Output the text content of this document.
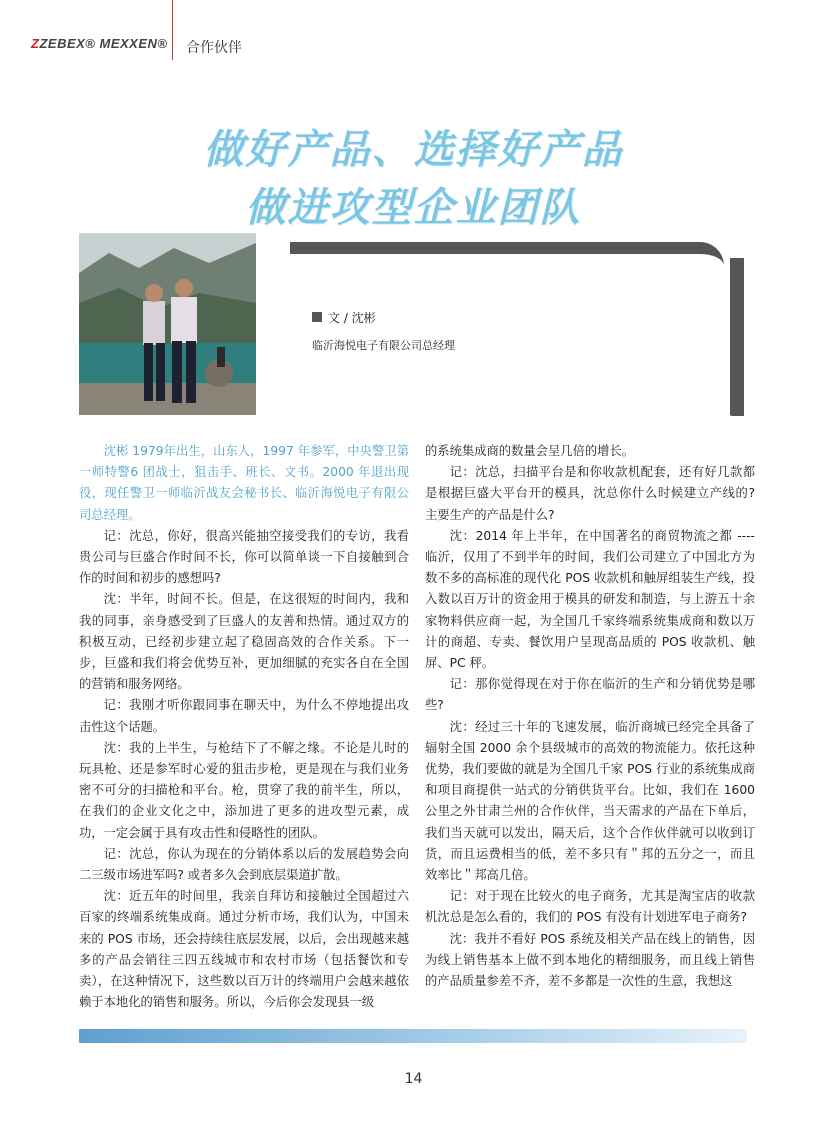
ZZEBEX® MEXXEN® 合作伙伴
做好产品、选择好产品
做进攻型企业团队
文 / 沈彬
临沂海悦电子有限公司总经理

沈彬 1979年出生，山东人，1997 年参军，中央警卫第一师特警6 团战士，狙击手、班长、文书。2000 年退出现役，现任警卫一师临沂战友会秘书长、临沂海悦电子有限公司总经理。

记：沈总，你好，很高兴能抽空接受我们的专访，我看贵公司与巨盛合作时间不长，你可以简单谈一下自接触到合作的时间和初步的感想吗?

沈：半年，时间不长。但是，在这很短的时间内，我和我的同事，亲身感受到了巨盛人的友善和热情。通过双方的积极互动，已经初步建立起了稳固高效的合作关系。下一步，巨盛和我们将会优势互补，更加细腻的充实各自在全国的营销和服务网络。

记：我刚才听你跟同事在聊天中，为什么不停地提出攻击性这个话题。

沈：我的上半生，与枪结下了不解之缘。不论是儿时的玩具枪、还是参军时心爱的狙击步枪，更是现在与我们业务密不可分的扫描枪和平台。枪，贯穿了我的前半生，所以，在我们的企业文化之中，添加进了更多的进攻型元素，成功，一定会属于具有攻击性和侵略性的团队。

记：沈总，你认为现在的分销体系以后的发展趋势会向二三级市场进军吗? 或者多久会到底层渠道扩散。

沈：近五年的时间里，我亲自拜访和接触过全国超过六百家的终端系统集成商。通过分析市场，我们认为，中国未来的 POS 市场，还会持续往底层发展，以后，会出现越来越多的产品会销往三四五线城市和农村市场（包括餐饮和专卖），在这种情况下，这些数以百万计的终端用户会越来越依赖于本地化的销售和服务。所以，今后你会发现县一级

的系统集成商的数量会呈几倍的增长。

记：沈总，扫描平台是和你收款机配套，还有好几款都是根据巨盛大平台开的模具，沈总你什么时候建立产线的? 主要生产的产品是什么?

沈：2014 年上半年，在中国著名的商贸物流之都 ---- 临沂，仅用了不到半年的时间，我们公司建立了中国北方为数不多的高标准的现代化 POS 收款机和触屏组装生产线，投入数以百万计的资金用于模具的研发和制造，与上游五十余家物料供应商一起，为全国几千家终端系统集成商和数以万计的商超、专卖、餐饮用户呈现高品质的 POS 收款机、触屏、PC 秤。

记：那你觉得现在对于你在临沂的生产和分销优势是哪些?

沈：经过三十年的飞速发展，临沂商城已经完全具备了辐射全国 2000 余个县级城市的高效的物流能力。依托这种优势，我们要做的就是为全国几千家 POS 行业的系统集成商和项目商提供一站式的分销供货平台。比如，我们在 1600 公里之外甘肃兰州的合作伙伴，当天需求的产品在下单后，我们当天就可以发出，隔天后，这个合作伙伴就可以收到订货，而且运费相当的低，差不多只有＂邦的五分之一，而且效率比＂邦高几倍。

记：对于现在比较火的电子商务，尤其是淘宝店的收款机沈总是怎么看的，我们的 POS 有没有计划进军电子商务?

沈：我并不看好 POS 系统及相关产品在线上的销售，因为线上销售基本上做不到本地化的精细服务，而且线上销售的产品质量参差不齐，差不多都是一次性的生意，我想这

14
